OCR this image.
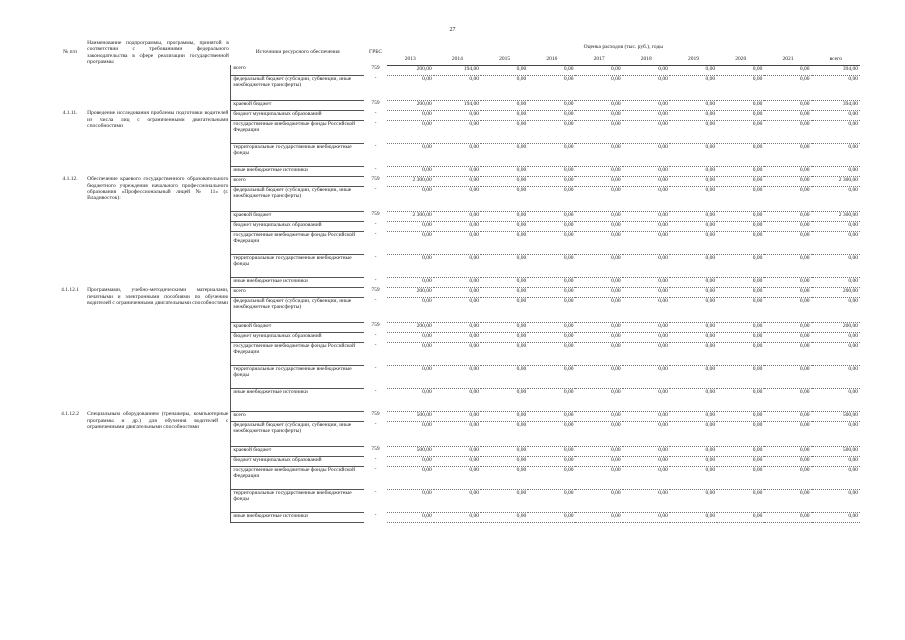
27
№ п/п	Наименование подпрограммы, программы, принятой в соответствии с требованиями федерального законодательства в сфере реализации государственной программы	Источники ресурсного обеспечения	ГРБС	Оценка расходов (тыс. руб.), годы									
				2013	2014	2015	2016	2017	2018	2019	2020	2021	всего
		всего	759	200,00	194,00	0,00	0,00	0,00	0,00	0,00	0,00	0,00	394,00
		федеральный бюджет (субсидии, субвенции, иные межбюджетные трансферты)	-	0,00	0,00	0,00	0,00	0,00	0,00	0,00	0,00	0,00	0,00
		краевой бюджет	759	200,00	194,00	0,00	0,00	0,00	0,00	0,00	0,00	0,00	394,00
4.1.11.	Проведение исследования проблемы подготовки водителей из числа лиц с ограниченными двигательными способностями	бюджет муниципальных образований	-	0,00	0,00	0,00	0,00	0,00	0,00	0,00	0,00	0,00	0,00
		государственные внебюджетные фонды Российской Федерации	-	0,00	0,00	0,00	0,00	0,00	0,00	0,00	0,00	0,00	0,00
		территориальные государственные внебюджетные фонды	-	0,00	0,00	0,00	0,00	0,00	0,00	0,00	0,00	0,00	0,00
		иные внебюджетные источники	-	0,00	0,00	0,00	0,00	0,00	0,00	0,00	0,00	0,00	0,00
4.1.12.	Обеспечение краевого государственного образовательного бюджетного учреждения начального профессионального образования «Профессиональный лицей № 11» (г. Владивосток):	всего	759	2 300,00	0,00	0,00	0,00	0,00	0,00	0,00	0,00	0,00	2 300,00
		федеральный бюджет (субсидии, субвенции, иные межбюджетные трансферты)	-	0,00	0,00	0,00	0,00	0,00	0,00	0,00	0,00	0,00	0,00
		краевой бюджет	759	2 300,00	0,00	0,00	0,00	0,00	0,00	0,00	0,00	0,00	2 300,00
		бюджет муниципальных образований	-	0,00	0,00	0,00	0,00	0,00	0,00	0,00	0,00	0,00	0,00
		государственные внебюджетные фонды Российской Федерации	-	0,00	0,00	0,00	0,00	0,00	0,00	0,00	0,00	0,00	0,00
		территориальные государственные внебюджетные фонды	-	0,00	0,00	0,00	0,00	0,00	0,00	0,00	0,00	0,00	0,00
		иные внебюджетные источники	-	0,00	0,00	0,00	0,00	0,00	0,00	0,00	0,00	0,00	0,00
4.1.12.1	Программами, учебно-методическими материалами, печатными и электронными пособиями по обучению водителей с ограниченными двигательными способностями	всего	759	200,00	0,00	0,00	0,00	0,00	0,00	0,00	0,00	0,00	200,00
		федеральный бюджет (субсидии, субвенции, иные межбюджетные трансферты)	-	0,00	0,00	0,00	0,00	0,00	0,00	0,00	0,00	0,00	0,00
		краевой бюджет	759	200,00	0,00	0,00	0,00	0,00	0,00	0,00	0,00	0,00	200,00
		бюджет муниципальных образований	-	0,00	0,00	0,00	0,00	0,00	0,00	0,00	0,00	0,00	0,00
		государственные внебюджетные фонды Российской Федерации	-	0,00	0,00	0,00	0,00	0,00	0,00	0,00	0,00	0,00	0,00
		территориальные государственные внебюджетные фонды	-	0,00	0,00	0,00	0,00	0,00	0,00	0,00	0,00	0,00	0,00
		иные внебюджетные источники	-	0,00	0,00	0,00	0,00	0,00	0,00	0,00	0,00	0,00	0,00
4.1.12.2	Специальным оборудованием (тренажеры, компьютерные программы и др.) для обучения водителей с ограниченными двигательными способностями	всего	759	500,00	0,00	0,00	0,00	0,00	0,00	0,00	0,00	0,00	500,00
		федеральный бюджет (субсидии, субвенции, иные межбюджетные трансферты)	-	0,00	0,00	0,00	0,00	0,00	0,00	0,00	0,00	0,00	0,00
		краевой бюджет	759	500,00	0,00	0,00	0,00	0,00	0,00	0,00	0,00	0,00	500,00
		бюджет муниципальных образований	-	0,00	0,00	0,00	0,00	0,00	0,00	0,00	0,00	0,00	0,00
		государственные внебюджетные фонды Российской Федерации	-	0,00	0,00	0,00	0,00	0,00	0,00	0,00	0,00	0,00	0,00
		территориальные государственные внебюджетные фонды	-	0,00	0,00	0,00	0,00	0,00	0,00	0,00	0,00	0,00	0,00
		иные внебюджетные источники	-	0,00	0,00	0,00	0,00	0,00	0,00	0,00	0,00	0,00	0,00
